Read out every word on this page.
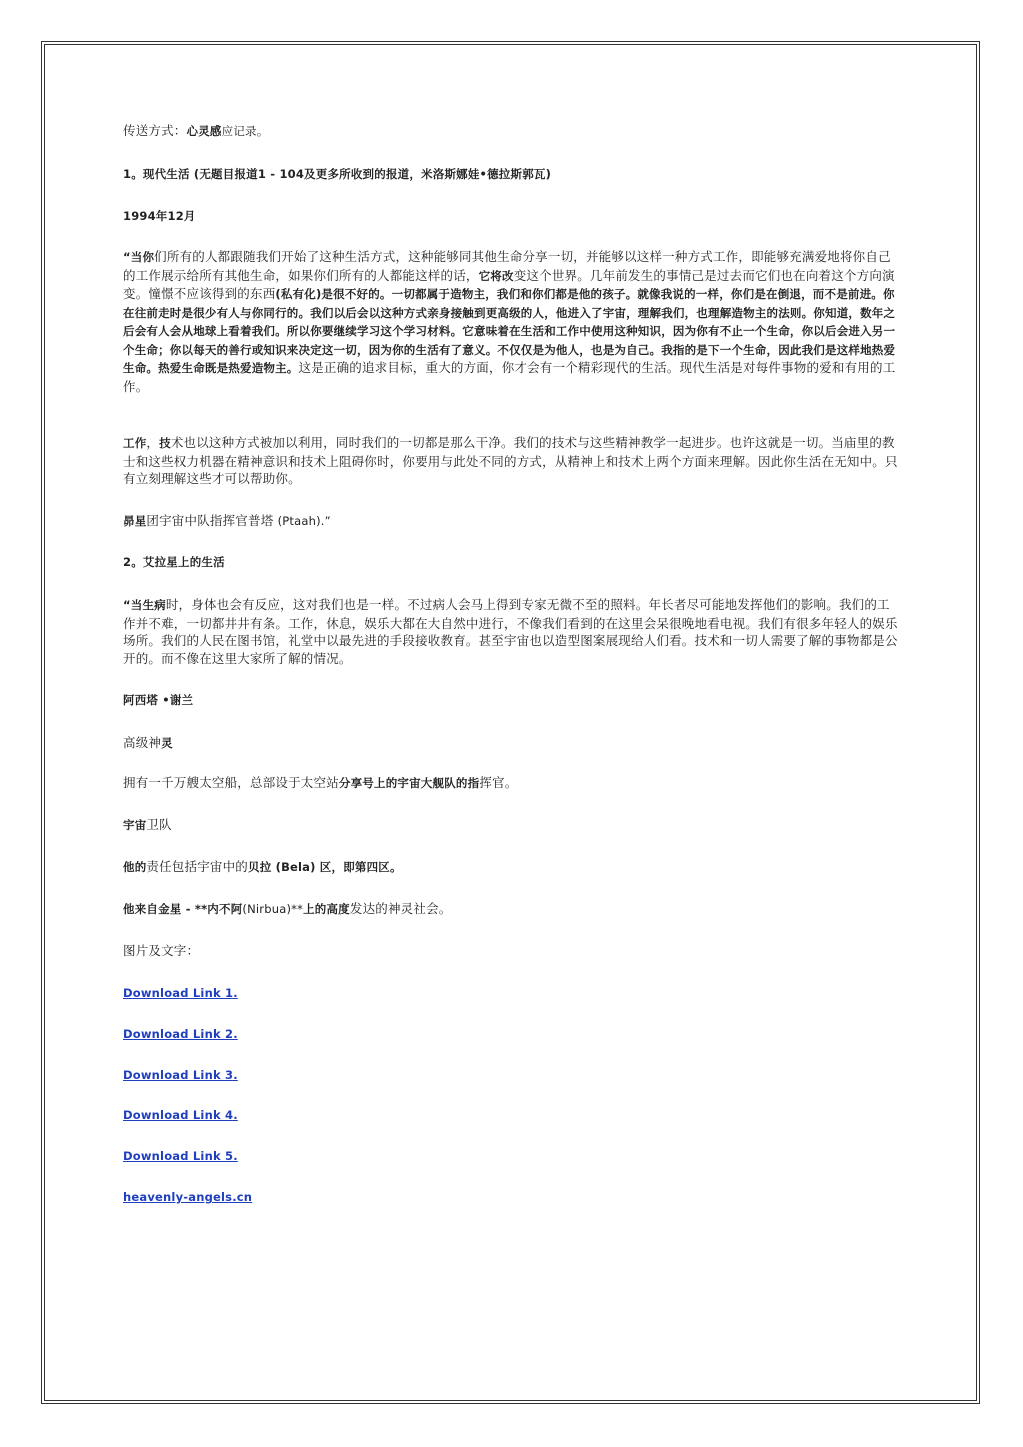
传送方式：心灵感应记录。

1。现代生活 (无题目报道1 - 104及更多所收到的报道，米洛斯娜娃•德拉斯郭瓦)

1994年12月

“当你们所有的人都跟随我们开始了这种生活方式，这种能够同其他生命分享一切，并能够以这样一种方式工作，即能够充满爱地将你自己的工作展示给所有其他生命，如果你们所有的人都能这样的话，它将改变这个世界。几年前发生的事情己是过去而它们也在向着这个方向演变。憧憬不应该得到的东西(私有化)是很不好的。一切都属于造物主，我们和你们都是他的孩子。就像我说的一样，你们是在倒退，而不是前进。你在往前走时是很少有人与你同行的。我们以后会以这种方式亲身接触到更高级的人，他进入了宇宙，理解我们，也理解造物主的法则。你知道，数年之后会有人会从地球上看着我们。所以你要继续学习这个学习材料。它意味着在生活和工作中使用这种知识，因为你有不止一个生命，你以后会进入另一个生命；你以每天的善行或知识来决定这一切，因为你的生活有了意义。不仅仅是为他人，也是为自己。我指的是下一个生命，因此我们是这样地热爱生命。热爱生命既是热爱造物主。这是正确的追求目标，重大的方面，你才会有一个精彩现代的生活。现代生活是对每件事物的爱和有用的工作。

工作，技术也以这种方式被加以利用，同时我们的一切都是那么干净。我们的技术与这些精神教学一起进步。也许这就是一切。当庙里的教士和这些权力机器在精神意识和技术上阻碍你时，你要用与此处不同的方式，从精神上和技术上两个方面来理解。因此你生活在无知中。只有立刻理解这些才可以帮助你。

昴星团宇宙中队指挥官普塔 (Ptaah).”

2。艾拉星上的生活

“当生病时，身体也会有反应，这对我们也是一样。不过病人会马上得到专家无微不至的照料。年长者尽可能地发挥他们的影响。我们的工作并不难，一切都井井有条。工作，休息，娱乐大都在大自然中进行，不像我们看到的在这里会呆很晚地看电视。我们有很多年轻人的娱乐场所。我们的人民在图书馆，礼堂中以最先进的手段接收教育。甚至宇宙也以造型图案展现给人们看。技术和一切人需要了解的事物都是公开的。而不像在这里大家所了解的情况。

阿西塔 •谢兰

高级神灵

拥有一千万艘太空船，总部设于太空站分享号上的宇宙大舰队的指挥官。

宇宙卫队

他的责任包括宇宙中的贝拉 (Bela) 区，即第四区。

他来自金星 - **内不阿(Nirbua)**上的高度发达的神灵社会。

图片及文字：

Download Link 1.

Download Link 2.

Download Link 3.

Download Link 4.

Download Link 5.

heavenly-angels.cn
